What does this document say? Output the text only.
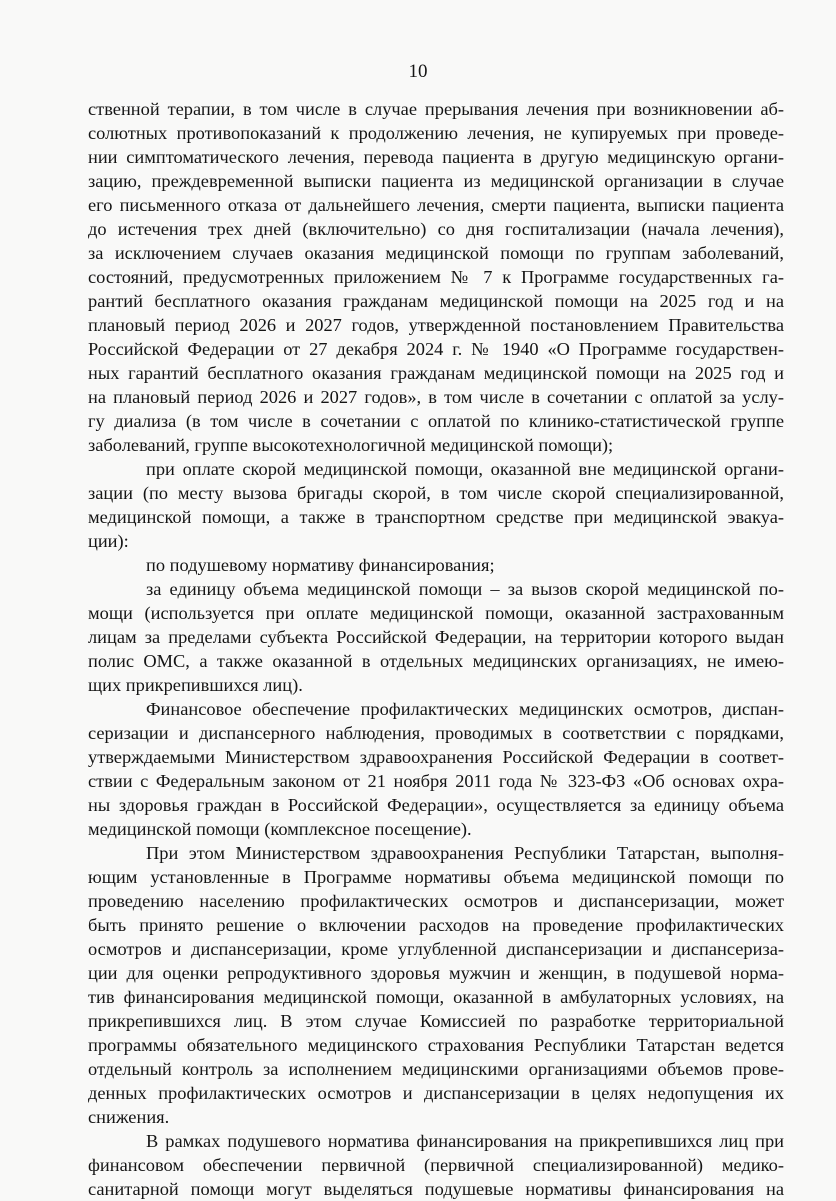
10
ственной терапии, в том числе в случае прерывания лечения при возникновении аб-
солютных противопоказаний к продолжению лечения, не купируемых при проведе-
нии симптоматического лечения, перевода пациента в другую медицинскую органи-
зацию, преждевременной выписки пациента из медицинской организации в случае
его письменного отказа от дальнейшего лечения, смерти пациента, выписки пациента
до истечения трех дней (включительно) со дня госпитализации (начала лечения),
за исключением случаев оказания медицинской помощи по группам заболеваний,
состояний, предусмотренных приложением № 7 к Программе государственных га-
рантий бесплатного оказания гражданам медицинской помощи на 2025 год и на
плановый период 2026 и 2027 годов, утвержденной постановлением Правительства
Российской Федерации от 27 декабря 2024 г. № 1940 «О Программе государствен-
ных гарантий бесплатного оказания гражданам медицинской помощи на 2025 год и
на плановый период 2026 и 2027 годов», в том числе в сочетании с оплатой за услу-
гу диализа (в том числе в сочетании с оплатой по клинико-статистической группе
заболеваний, группе высокотехнологичной медицинской помощи);
при оплате скорой медицинской помощи, оказанной вне медицинской органи-
зации (по месту вызова бригады скорой, в том числе скорой специализированной,
медицинской помощи, а также в транспортном средстве при медицинской эвакуа-
ции):
по подушевому нормативу финансирования;
за единицу объема медицинской помощи – за вызов скорой медицинской по-
мощи (используется при оплате медицинской помощи, оказанной застрахованным
лицам за пределами субъекта Российской Федерации, на территории которого выдан
полис ОМС, а также оказанной в отдельных медицинских организациях, не имею-
щих прикрепившихся лиц).
Финансовое обеспечение профилактических медицинских осмотров, диспан-
серизации и диспансерного наблюдения, проводимых в соответствии с порядками,
утверждаемыми Министерством здравоохранения Российской Федерации в соответ-
ствии с Федеральным законом от 21 ноября 2011 года № 323-ФЗ «Об основах охра-
ны здоровья граждан в Российской Федерации», осуществляется за единицу объема
медицинской помощи (комплексное посещение).
При этом Министерством здравоохранения Республики Татарстан, выполня-
ющим установленные в Программе нормативы объема медицинской помощи по
проведению населению профилактических осмотров и диспансеризации, может
быть принято решение о включении расходов на проведение профилактических
осмотров и диспансеризации, кроме углубленной диспансеризации и диспансериза-
ции для оценки репродуктивного здоровья мужчин и женщин, в подушевой норма-
тив финансирования медицинской помощи, оказанной в амбулаторных условиях, на
прикрепившихся лиц. В этом случае Комиссией по разработке территориальной
программы обязательного медицинского страхования Республики Татарстан ведется
отдельный контроль за исполнением медицинскими организациями объемов прове-
денных профилактических осмотров и диспансеризации в целях недопущения их
снижения.
В рамках подушевого норматива финансирования на прикрепившихся лиц при
финансовом обеспечении первичной (первичной специализированной) медико-
санитарной помощи могут выделяться подушевые нормативы финансирования на
